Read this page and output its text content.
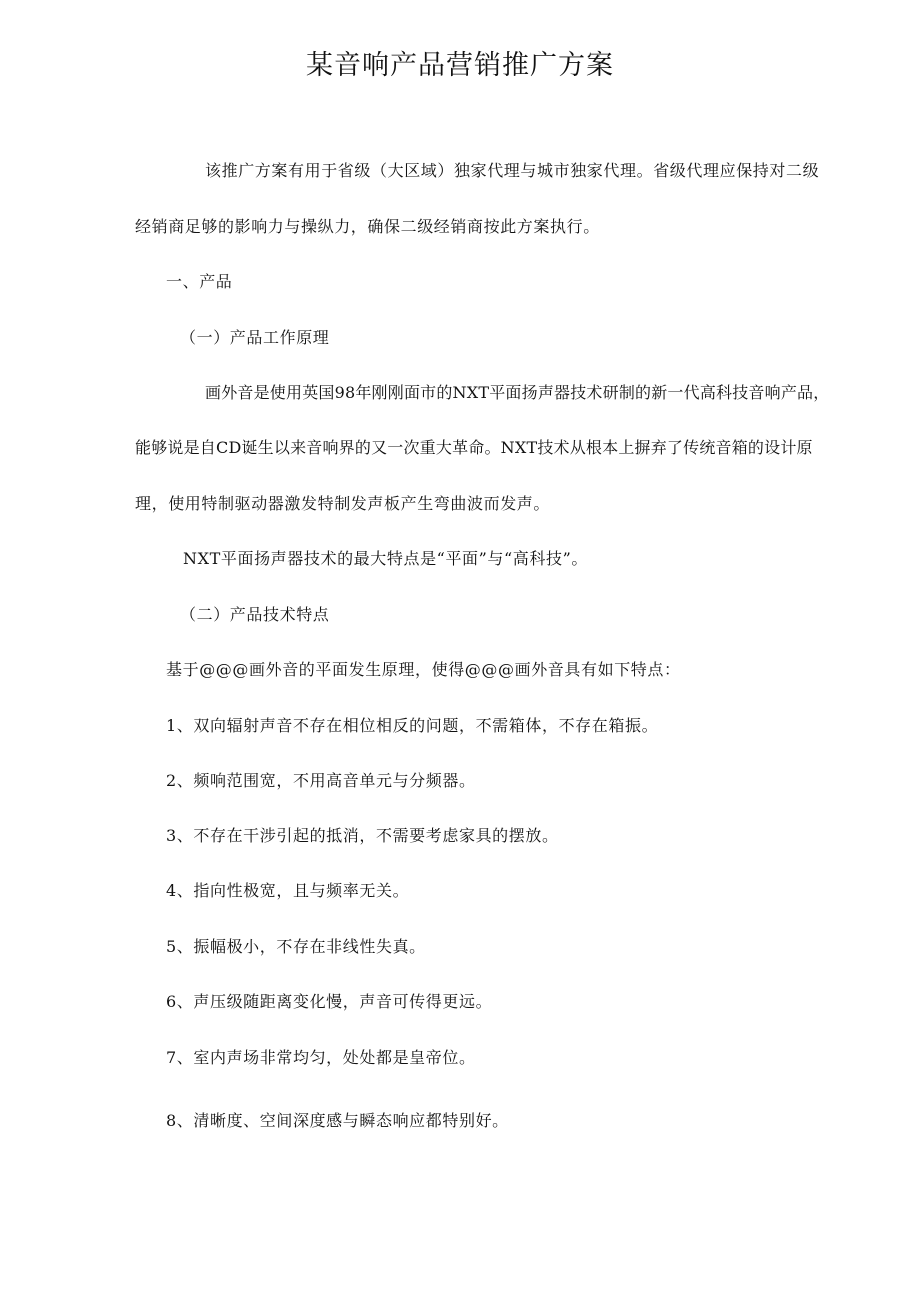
某音响产品营销推广方案
该推广方案有用于省级（大区域）独家代理与城市独家代理。省级代理应保持对二级
经销商足够的影响力与操纵力，确保二级经销商按此方案执行。
一、产品
（一）产品工作原理
画外音是使用英国98年刚刚面市的NXT平面扬声器技术研制的新一代高科技音响产品，
能够说是自CD诞生以来音响界的又一次重大革命。NXT技术从根本上摒弃了传统音箱的设计原
理，使用特制驱动器激发特制发声板产生弯曲波而发声。
NXT平面扬声器技术的最大特点是“平面”与“高科技”。
（二）产品技术特点
基于@@@画外音的平面发生原理，使得@@@画外音具有如下特点：
1、双向辐射声音不存在相位相反的问题，不需箱体，不存在箱振。
2、频响范围宽，不用高音单元与分频器。
3、不存在干涉引起的抵消，不需要考虑家具的摆放。
4、指向性极宽，且与频率无关。
5、振幅极小，不存在非线性失真。
6、声压级随距离变化慢，声音可传得更远。
7、室内声场非常均匀，处处都是皇帝位。
8、清晰度、空间深度感与瞬态响应都特别好。
